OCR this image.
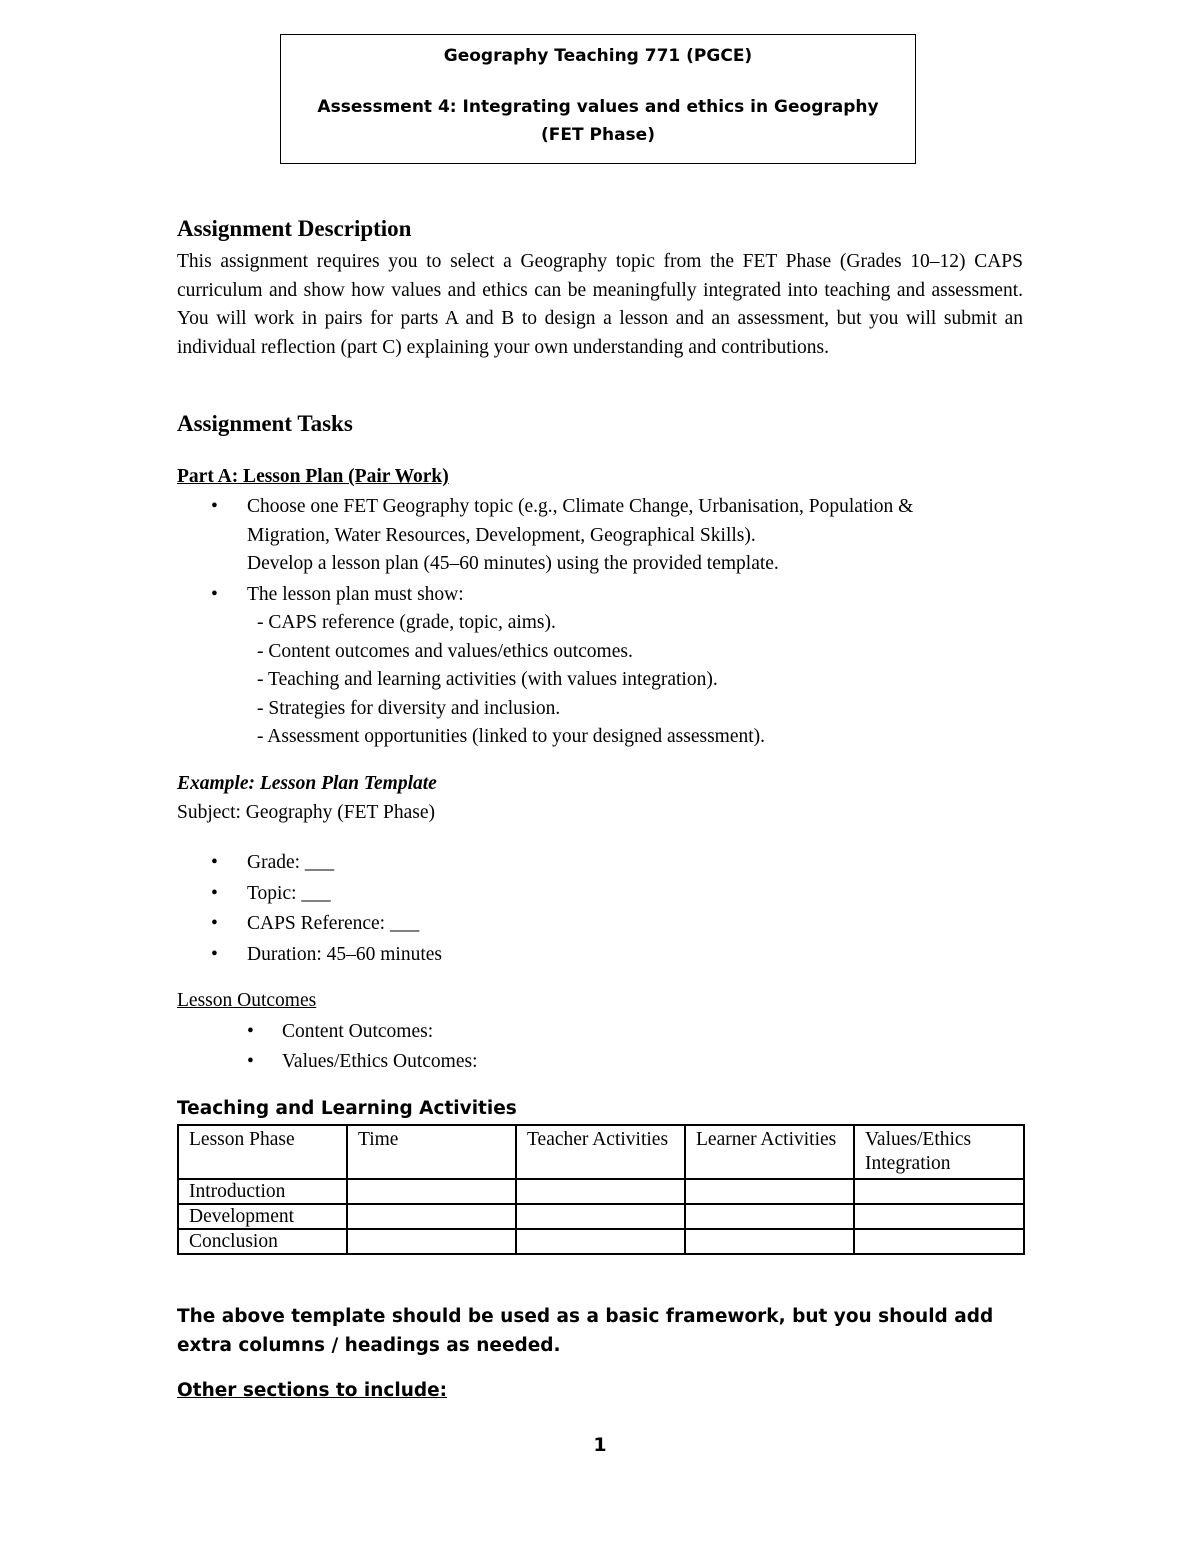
Geography Teaching 771 (PGCE)
Assessment 4: Integrating values and ethics in Geography
(FET Phase)
Assignment Description
This assignment requires you to select a Geography topic from the FET Phase (Grades 10–12) CAPS curriculum and show how values and ethics can be meaningfully integrated into teaching and assessment. You will work in pairs for parts A and B to design a lesson and an assessment, but you will submit an individual reflection (part C) explaining your own understanding and contributions.
Assignment Tasks
Part A: Lesson Plan (Pair Work)
• Choose one FET Geography topic (e.g., Climate Change, Urbanisation, Population &
Migration, Water Resources, Development, Geographical Skills).
Develop a lesson plan (45–60 minutes) using the provided template.
• The lesson plan must show:
- CAPS reference (grade, topic, aims).
- Content outcomes and values/ethics outcomes.
- Teaching and learning activities (with values integration).
- Strategies for diversity and inclusion.
- Assessment opportunities (linked to your designed assessment).
Example: Lesson Plan Template
Subject: Geography (FET Phase)
• Grade: ___
• Topic: ___
• CAPS Reference: ___
• Duration: 45–60 minutes
Lesson Outcomes
• Content Outcomes:
• Values/Ethics Outcomes:
Teaching and Learning Activities
Lesson Phase	Time	Teacher Activities	Learner Activities	Values/Ethics Integration
Introduction				
Development				
Conclusion				
The above template should be used as a basic framework, but you should add extra columns / headings as needed.
Other sections to include:
1
